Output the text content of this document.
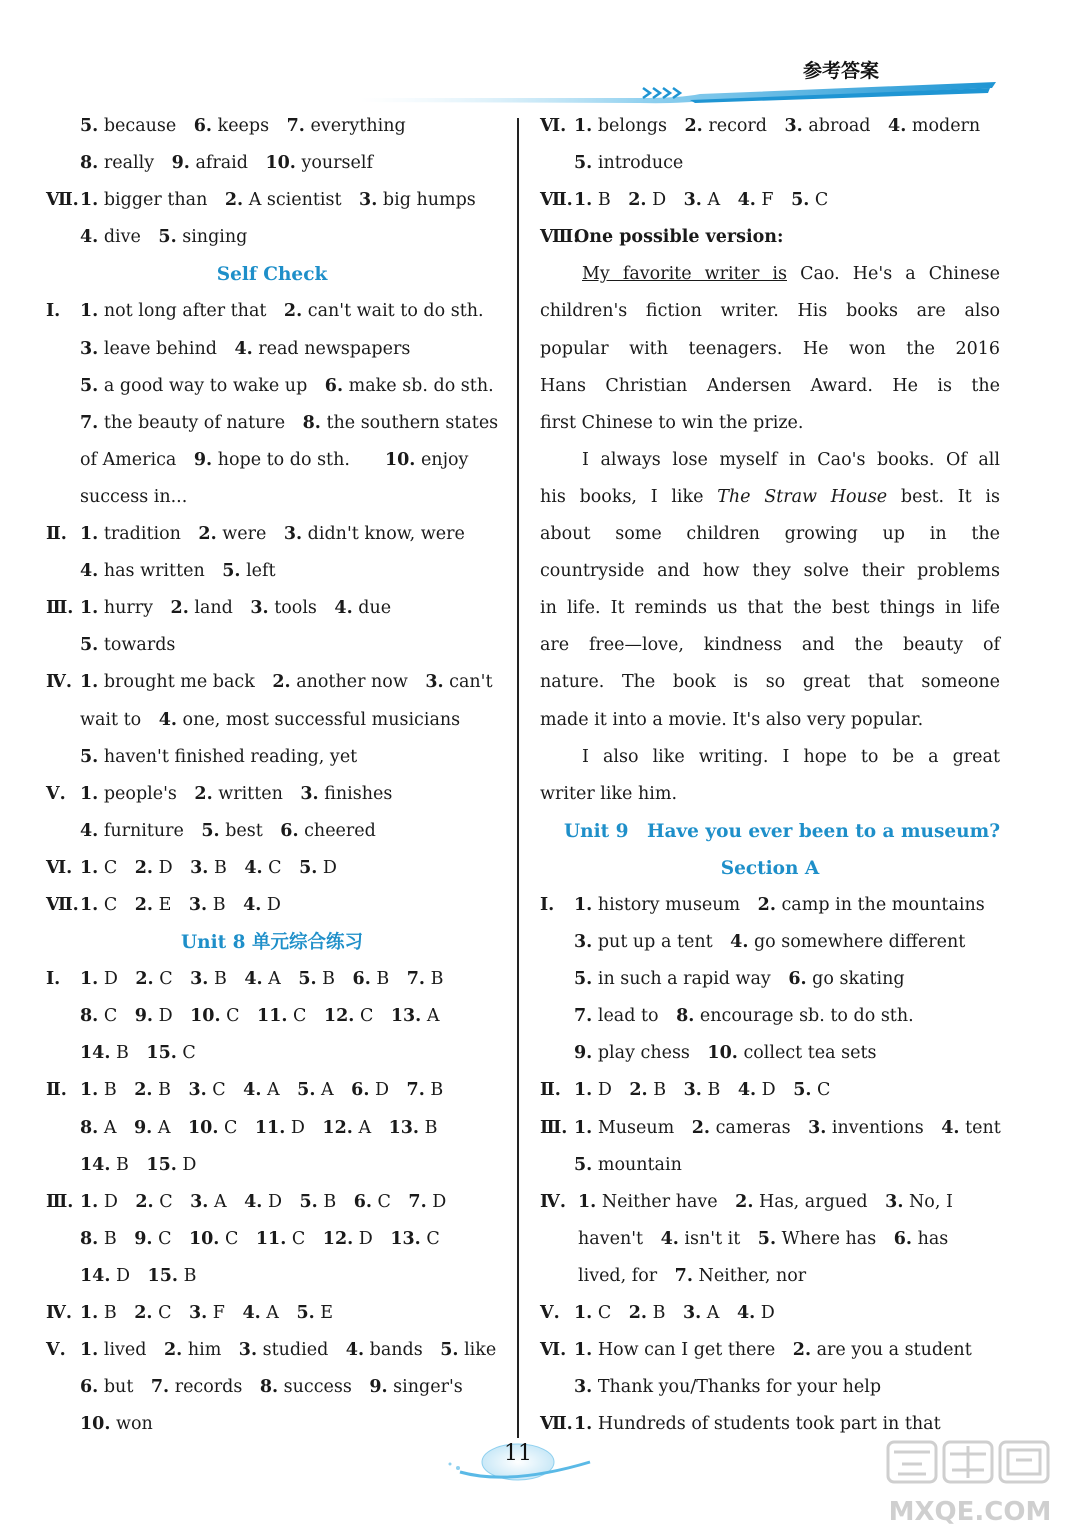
参考答案
5. because　6. keeps　7. everything
8. really　9. afraid　10. yourself
Ⅶ. 1. bigger than　2. A scientist　3. big humps
4. dive　5. singing
Self Check
Ⅰ. 1. not long after that　2. can't wait to do sth.
3. leave behind　4. read newspapers
5. a good way to wake up　6. make sb. do sth.
7. the beauty of nature　8. the southern states
of America　9. hope to do sth.　　10. enjoy
success in...
Ⅱ. 1. tradition　2. were　3. didn't know, were
4. has written　5. left
Ⅲ. 1. hurry　2. land　3. tools　4. due
5. towards
Ⅳ. 1. brought me back　2. another now　3. can't
wait to　4. one, most successful musicians
5. haven't finished reading, yet
Ⅴ. 1. people's　2. written　3. finishes
4. furniture　5. best　6. cheered
Ⅵ. 1. C　2. D　3. B　4. C　5. D
Ⅶ. 1. C　2. E　3. B　4. D
Unit 8 单元综合练习
Ⅰ. 1. D　2. C　3. B　4. A　5. B　6. B　7. B
8. C　9. D　10. C　11. C　12. C　13. A
14. B　15. C
Ⅱ. 1. B　2. B　3. C　4. A　5. A　6. D　7. B
8. A　9. A　10. C　11. D　12. A　13. B
14. B　15. D
Ⅲ. 1. D　2. C　3. A　4. D　5. B　6. C　7. D
8. B　9. C　10. C　11. C　12. D　13. C
14. D　15. B
Ⅳ. 1. B　2. C　3. F　4. A　5. E
Ⅴ. 1. lived　2. him　3. studied　4. bands　5. like
6. but　7. records　8. success　9. singer's
10. won
Ⅵ. 1. belongs　2. record　3. abroad　4. modern
5. introduce
Ⅶ. 1. B　2. D　3. A　4. F　5. C
Ⅷ.
One possible version:
My favorite writer is Cao. He's a Chinese
children's fiction writer. His books are also
popular with teenagers. He won the 2016
Hans Christian Andersen Award. He is the
first Chinese to win the prize.
I always lose myself in Cao's books. Of all
his books, I like The Straw House best. It is
about some children growing up in the
countryside and how they solve their problems
in life. It reminds us that the best things in life
are free—love, kindness and the beauty of
nature. The book is so great that someone
made it into a movie. It's also very popular.
I also like writing. I hope to be a great
writer like him.
Unit 9　Have you ever been to a museum?
Section A
Ⅰ. 1. history museum　2. camp in the mountains
3. put up a tent　4. go somewhere different
5. in such a rapid way　6. go skating
7. lead to　8. encourage sb. to do sth.
9. play chess　10. collect tea sets
Ⅱ. 1. D　2. B　3. B　4. D　5. C
Ⅲ. 1. Museum　2. cameras　3. inventions　4. tent
5. mountain
Ⅳ. 1. Neither have　2. Has, argued　3. No, I
haven't　4. isn't it　5. Where has　6. has
lived, for　7. Neither, nor
Ⅴ. 1. C　2. B　3. A　4. D
Ⅵ. 1. How can I get there　2. are you a student
3. Thank you/Thanks for your help
Ⅶ. 1. Hundreds of students took part in that
11
MXQE.COM
